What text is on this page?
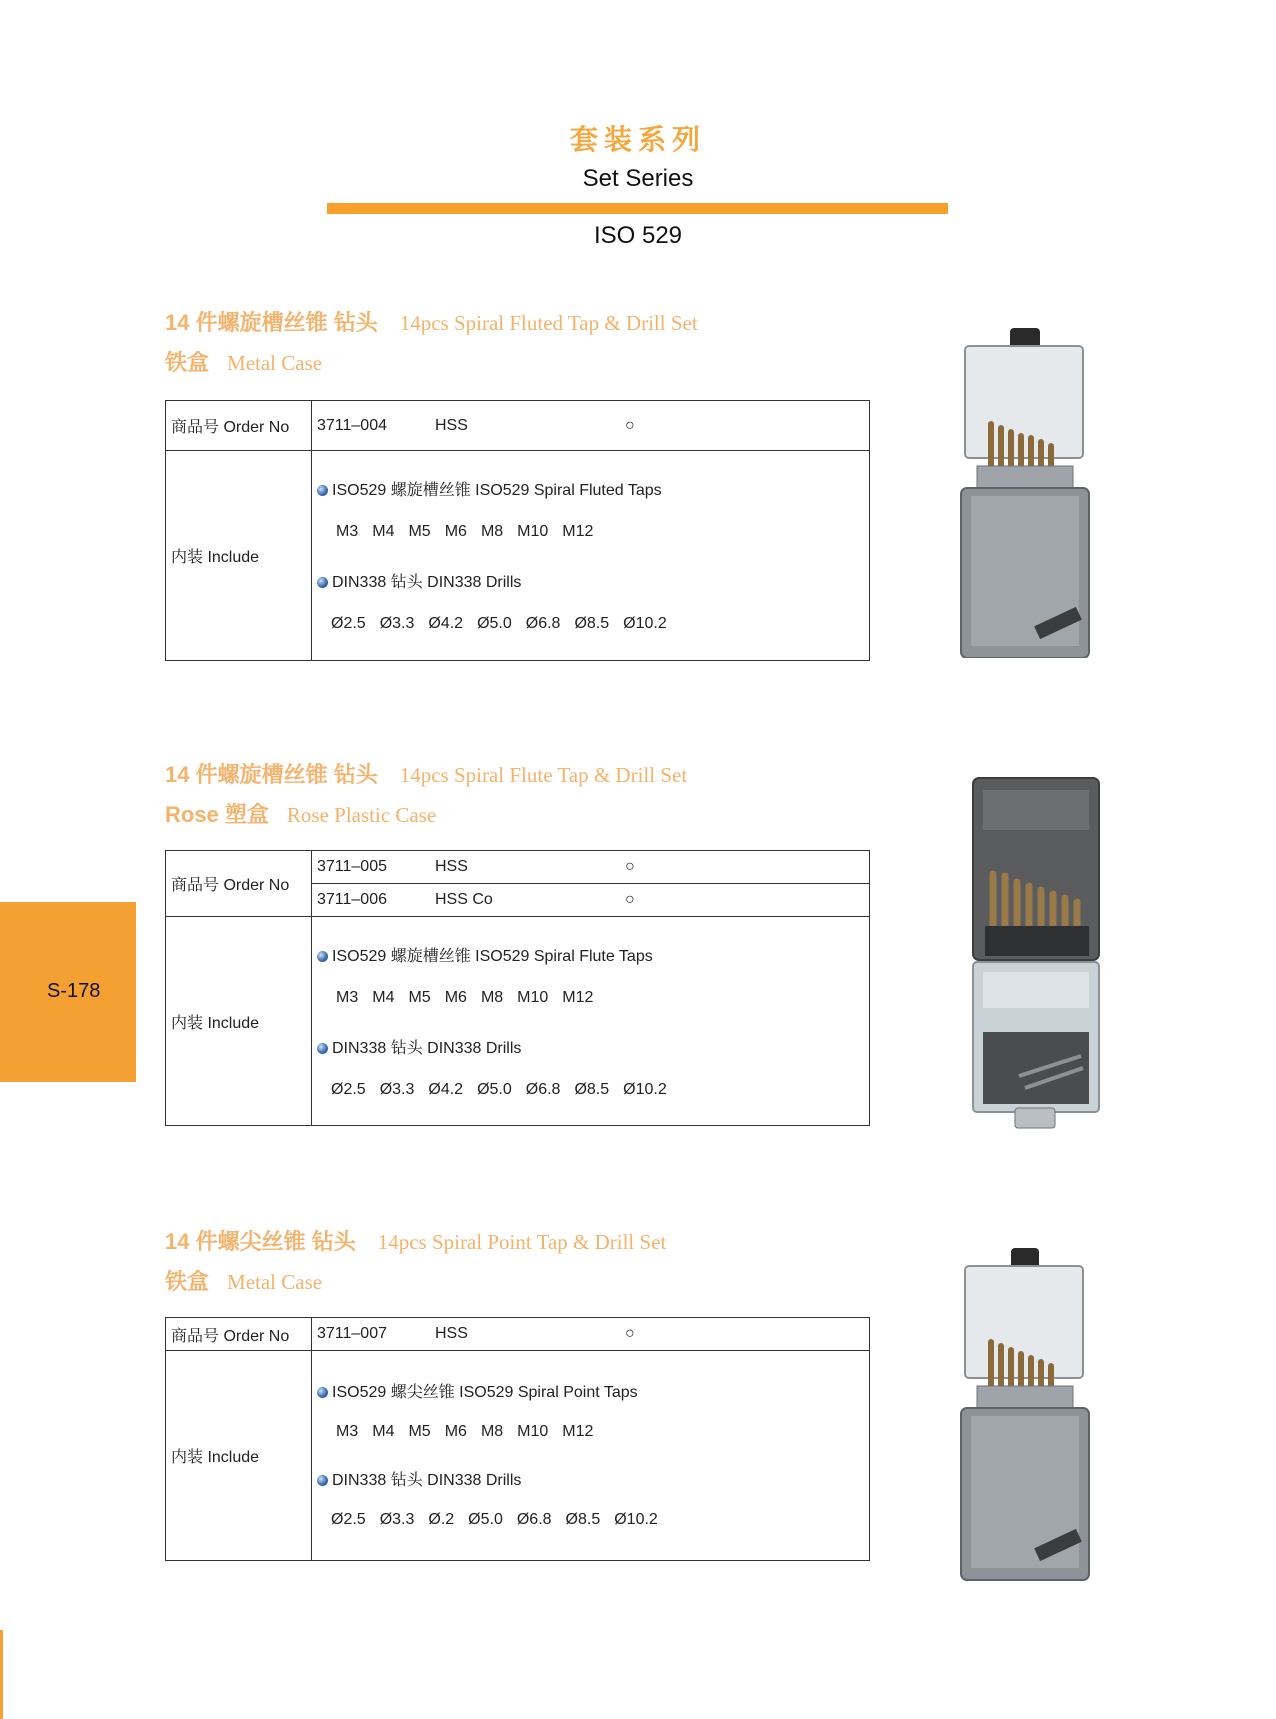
套装系列
Set Series
ISO 529
S-178
14 件螺旋槽丝锥 钻头 14pcs Spiral Fluted Tap & Drill Set
铁盒 Metal Case
商品号 Order No	3711–004 HSS ○

内装 Include	ISO529 螺旋槽丝锥 ISO529 Spiral Fluted Taps
M3 M4 M5 M6 M8 M10 M12
DIN338 钻头 DIN338 Drills
Ø2.5 Ø3.3 Ø4.2 Ø5.0 Ø6.8 Ø8.5 Ø10.2
14 件螺旋槽丝锥 钻头 14pcs Spiral Flute Tap & Drill Set
Rose 塑盒 Rose Plastic Case
商品号 Order No	3711–005 HSS ○

	3711–006 HSS Co ○

内装 Include	ISO529 螺旋槽丝锥 ISO529 Spiral Flute Taps
M3 M4 M5 M6 M8 M10 M12
DIN338 钻头 DIN338 Drills
Ø2.5 Ø3.3 Ø4.2 Ø5.0 Ø6.8 Ø8.5 Ø10.2
14 件螺尖丝锥 钻头 14pcs Spiral Point Tap & Drill Set
铁盒 Metal Case
商品号 Order No	3711–007 HSS ○

内装 Include	ISO529 螺尖丝锥 ISO529 Spiral Point Taps
M3 M4 M5 M6 M8 M10 M12
DIN338 钻头 DIN338 Drills
Ø2.5 Ø3.3 Ø.2 Ø5.0 Ø6.8 Ø8.5 Ø10.2
